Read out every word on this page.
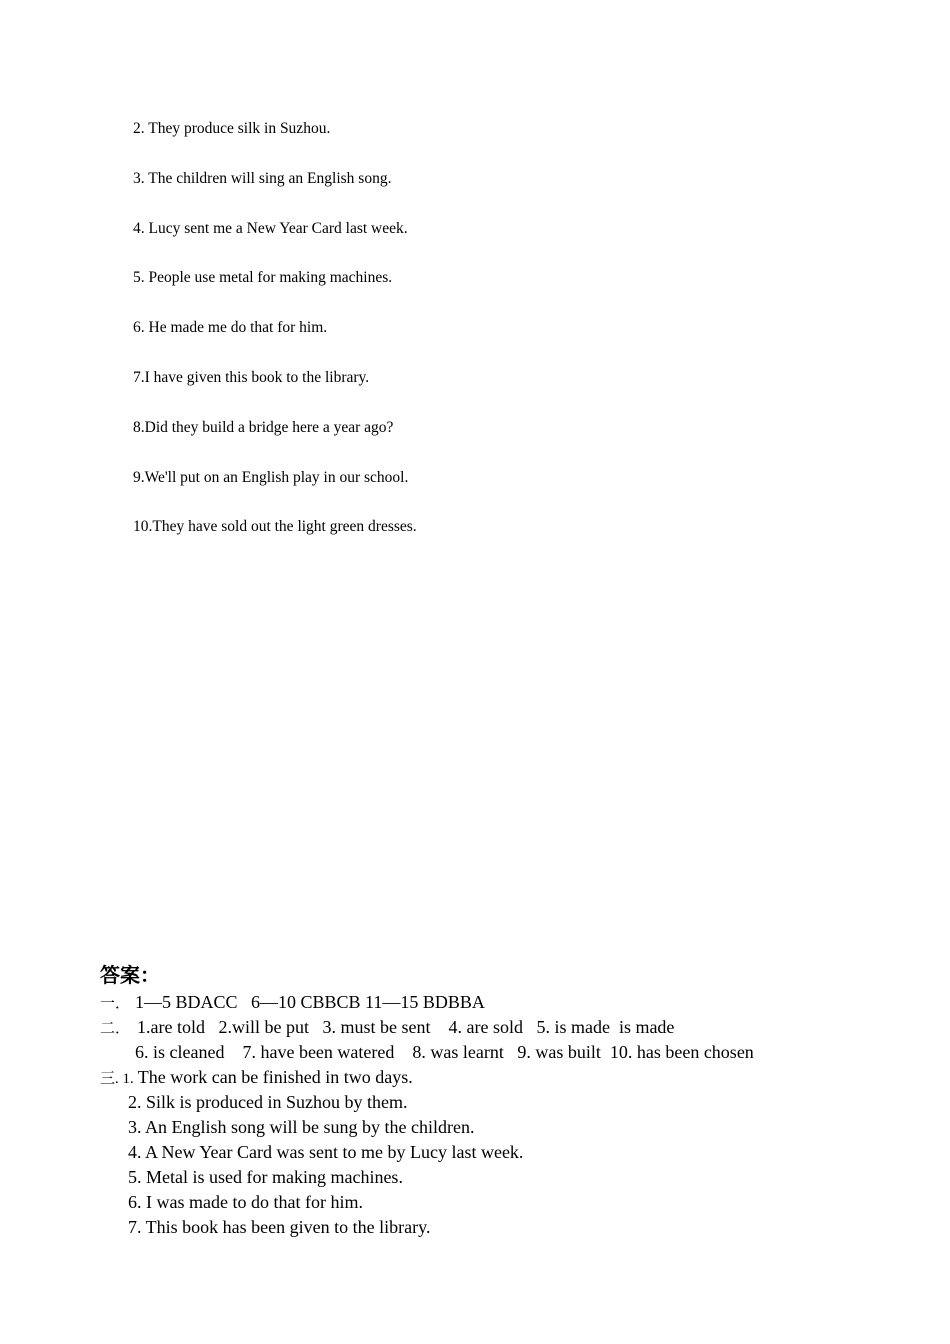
2. They produce silk in Suzhou.
3. The children will sing an English song.
4. Lucy sent me a New Year Card last week.
5. People use metal for making machines.
6. He made me do that for him.
7.I have given this book to the library.
8.Did they build a bridge here a year ago?
9.We'll put on an English play in our school.
10.They have sold out the light green dresses.
答案：
一． 1—5 BDACC   6—10 CBBCB 11—15 BDBBA
二． 1.are told   2.will be put   3. must be sent    4. are sold   5. is made  is made
6. is cleaned    7. have been watered    8. was learnt   9. was built  10. has been chosen
三. 1. The work can be finished in two days.
2. Silk is produced in Suzhou by them.
3. An English song will be sung by the children.
4. A New Year Card was sent to me by Lucy last week.
5. Metal is used for making machines.
6. I was made to do that for him.
7. This book has been given to the library.
